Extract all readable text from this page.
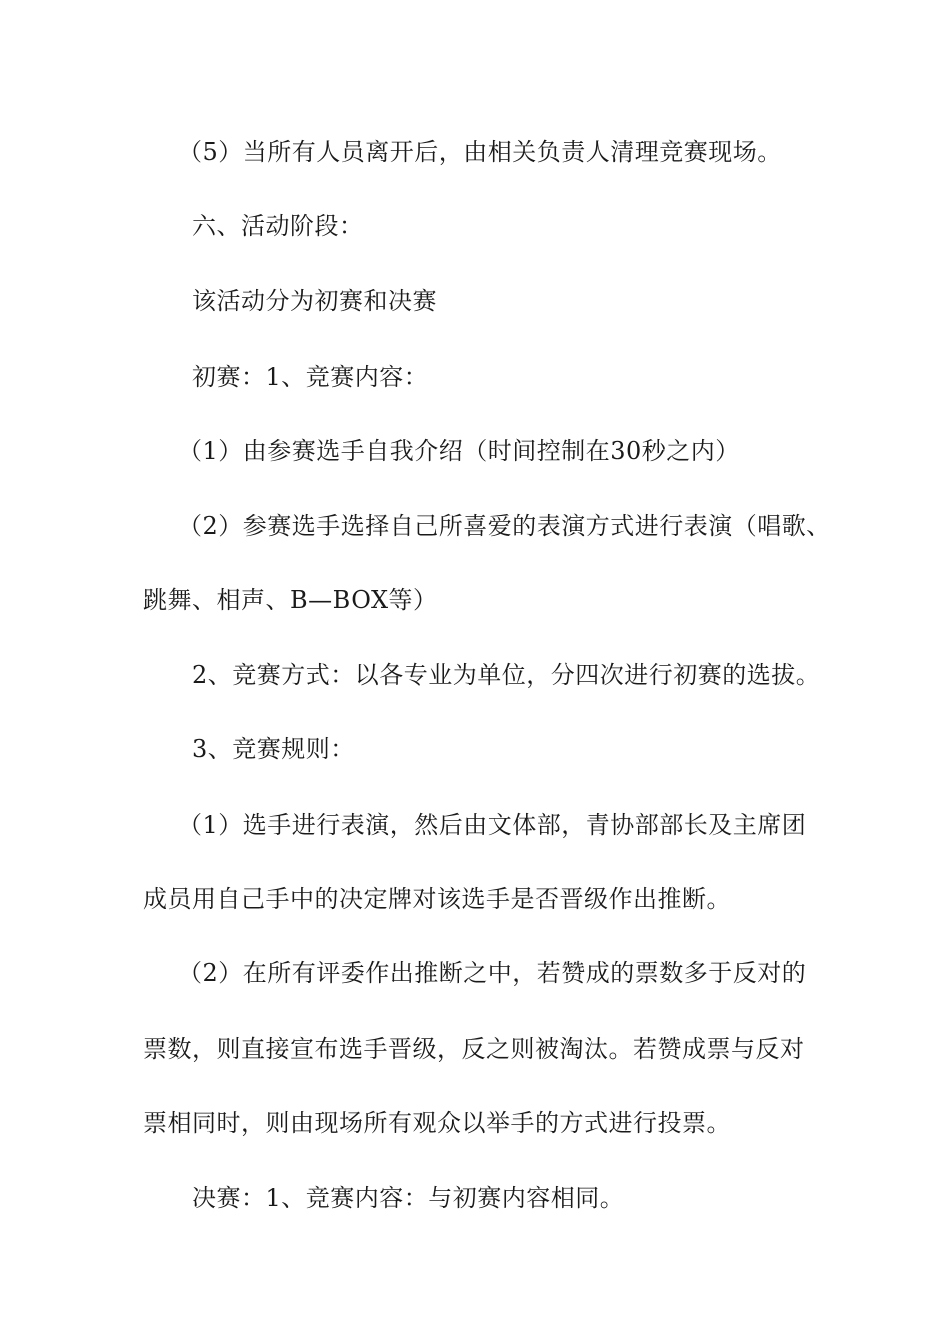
（5）当所有人员离开后，由相关负责人清理竞赛现场。
六、活动阶段：
该活动分为初赛和决赛
初赛：1、竞赛内容：
（1）由参赛选手自我介绍（时间控制在30秒之内）
（2）参赛选手选择自己所喜爱的表演方式进行表演（唱歌、
跳舞、相声、B—BOX等）
2、竞赛方式：以各专业为单位，分四次进行初赛的选拔。
3、竞赛规则：
（1）选手进行表演，然后由文体部，青协部部长及主席团
成员用自己手中的决定牌对该选手是否晋级作出推断。
（2）在所有评委作出推断之中，若赞成的票数多于反对的
票数，则直接宣布选手晋级，反之则被淘汰。若赞成票与反对
票相同时，则由现场所有观众以举手的方式进行投票。
决赛：1、竞赛内容：与初赛内容相同。
